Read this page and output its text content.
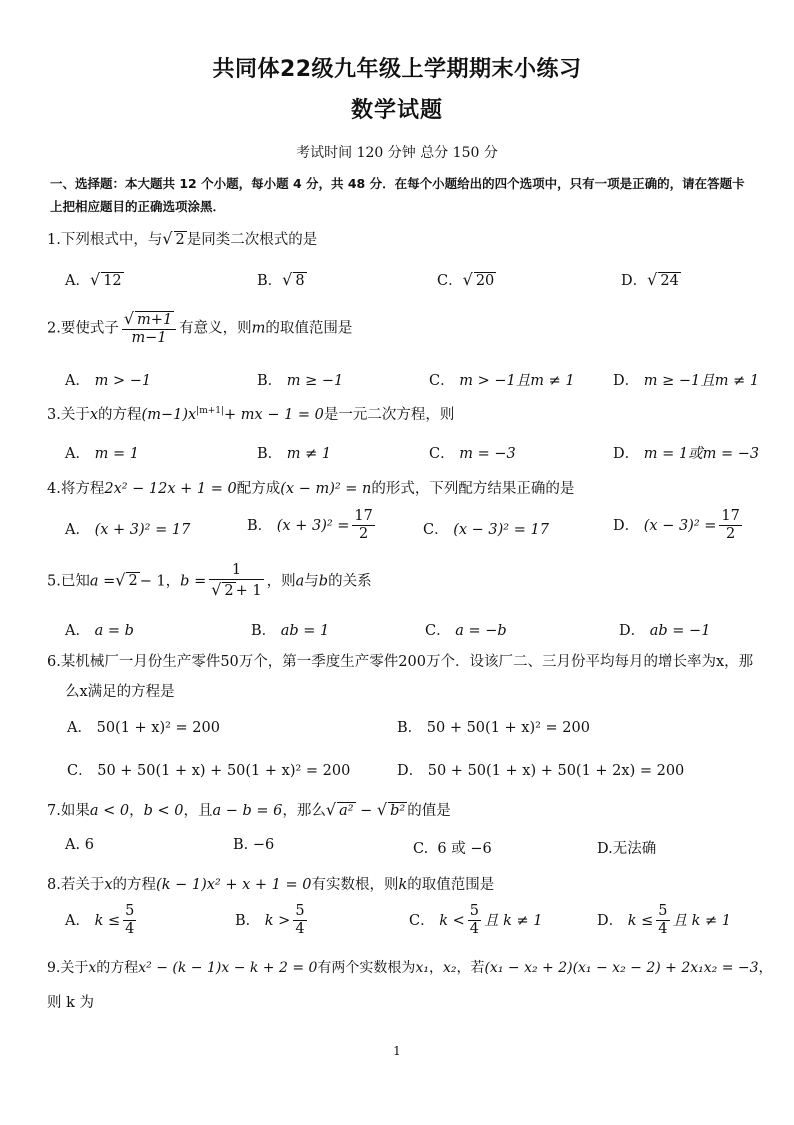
共同体22级九年级上学期期末小练习
数学试题
考试时间 120 分钟 总分 150 分
一、选择题：本大题共 12 个小题，每小题 4 分，共 48 分．在每个小题给出的四个选项中，只有一项是正确的，请在答题卡上把相应题目的正确选项涂黑．
1.下列根式中，与√ 2 是同类二次根式的是
A．√ 12	B．√ 8	C．√ 20	D．√ 24
2.要使式子 $\frac{√ m+1}{m-1}$ 有意义，则m的取值范围是
A． m > −1	B． m ≥ −1	C． m > −1且m ≠ 1	D． m ≥ −1且m ≠ 1
3.关于x的方程$(m-1)x^{|m+1|}+$ mx − 1 = 0是一元二次方程，则
A． m = 1	B． m ≠ 1	C． m = −3	D． m = 1或m = −3
4.将方程2x² − 12x + 1 = 0配方成(x − m)² = n的形式，下列配方结果正确的是
A． (x + 3)² = 17	B． $(x + 3)^2 = \frac{17}{2}$	C． (x − 3)² = 17	D． $(x - 3)^2 = \frac{17}{2}$
5.已知a =√ 2 − 1，$b = \frac{1}{√ 2 + 1}$ ，则a与b的关系
A． a = b	B． ab = 1	C． a = −b	D． ab = −1
6.某机械厂一月份生产零件50万个，第一季度生产零件200万个．设该厂二、三月份平均每月的增长率为x，那么x满足的方程是
A． 50(1 + x)² = 200	B． 50 + 50(1 + x)² = 200
C． 50 + 50(1 + x) + 50(1 + x)² = 200	D． 50 + 50(1 + x) + 50(1 + 2x) = 200
7.如果a < 0，b < 0，且a − b = 6，那么√ a² − √ b² 的值是
A. 6	B. −6	C.  6 或 −6	D.无法确
8.若关于x的方程(k − 1)x² + x + 1 = 0有实数根，则k的取值范围是
A． $k \le \frac{5}{4}$	B． $k > \frac{5}{4}$	C． $k < \frac{5}{4}$ 且 k ≠ 1	D． $k \le \frac{5}{4}$ 且 k ≠ 1
9.关于x的方程x² − (k − 1)x − k + 2 = 0有两个实数根为x₁，x₂，若(x₁ − x₂ + 2)(x₁ − x₂ − 2) + 2x₁x₂ = −3，
则 k 为
1
